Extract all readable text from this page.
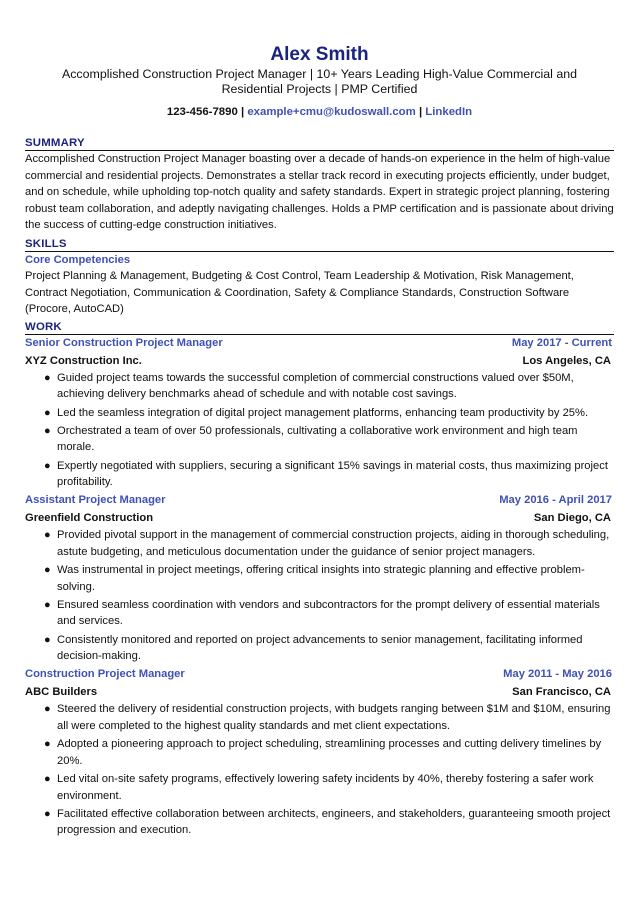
Alex Smith
Accomplished Construction Project Manager | 10+ Years Leading High-Value Commercial and Residential Projects | PMP Certified
123-456-7890 | example+cmu@kudoswall.com | LinkedIn
SUMMARY

Accomplished Construction Project Manager boasting over a decade of hands-on experience in the helm of high-value commercial and residential projects. Demonstrates a stellar track record in executing projects efficiently, under budget, and on schedule, while upholding top-notch quality and safety standards. Expert in strategic project planning, fostering robust team collaboration, and adeptly navigating challenges. Holds a PMP certification and is passionate about driving the success of cutting-edge construction initiatives.

SKILLS
Core Competencies

Project Planning & Management, Budgeting & Cost Control, Team Leadership & Motivation, Risk Management, Contract Negotiation, Communication & Coordination, Safety & Compliance Standards, Construction Software (Procore, AutoCAD)

WORK
Senior Construction Project Manager	May 2017 - Current
XYZ Construction Inc.	Los Angeles, CA
● Guided project teams towards the successful completion of commercial constructions valued over $50M, achieving delivery benchmarks ahead of schedule and with notable cost savings.
● Led the seamless integration of digital project management platforms, enhancing team productivity by 25%.
● Orchestrated a team of over 50 professionals, cultivating a collaborative work environment and high team morale.
● Expertly negotiated with suppliers, securing a significant 15% savings in material costs, thus maximizing project profitability.
Assistant Project Manager	May 2016 - April 2017
Greenfield Construction	San Diego, CA
● Provided pivotal support in the management of commercial construction projects, aiding in thorough scheduling, astute budgeting, and meticulous documentation under the guidance of senior project managers.
● Was instrumental in project meetings, offering critical insights into strategic planning and effective problem-solving.
● Ensured seamless coordination with vendors and subcontractors for the prompt delivery of essential materials and services.
● Consistently monitored and reported on project advancements to senior management, facilitating informed decision-making.
Construction Project Manager	May 2011 - May 2016
ABC Builders	San Francisco, CA
● Steered the delivery of residential construction projects, with budgets ranging between $1M and $10M, ensuring all were completed to the highest quality standards and met client expectations.
● Adopted a pioneering approach to project scheduling, streamlining processes and cutting delivery timelines by 20%.
● Led vital on-site safety programs, effectively lowering safety incidents by 40%, thereby fostering a safer work environment.
● Facilitated effective collaboration between architects, engineers, and stakeholders, guaranteeing smooth project progression and execution.
